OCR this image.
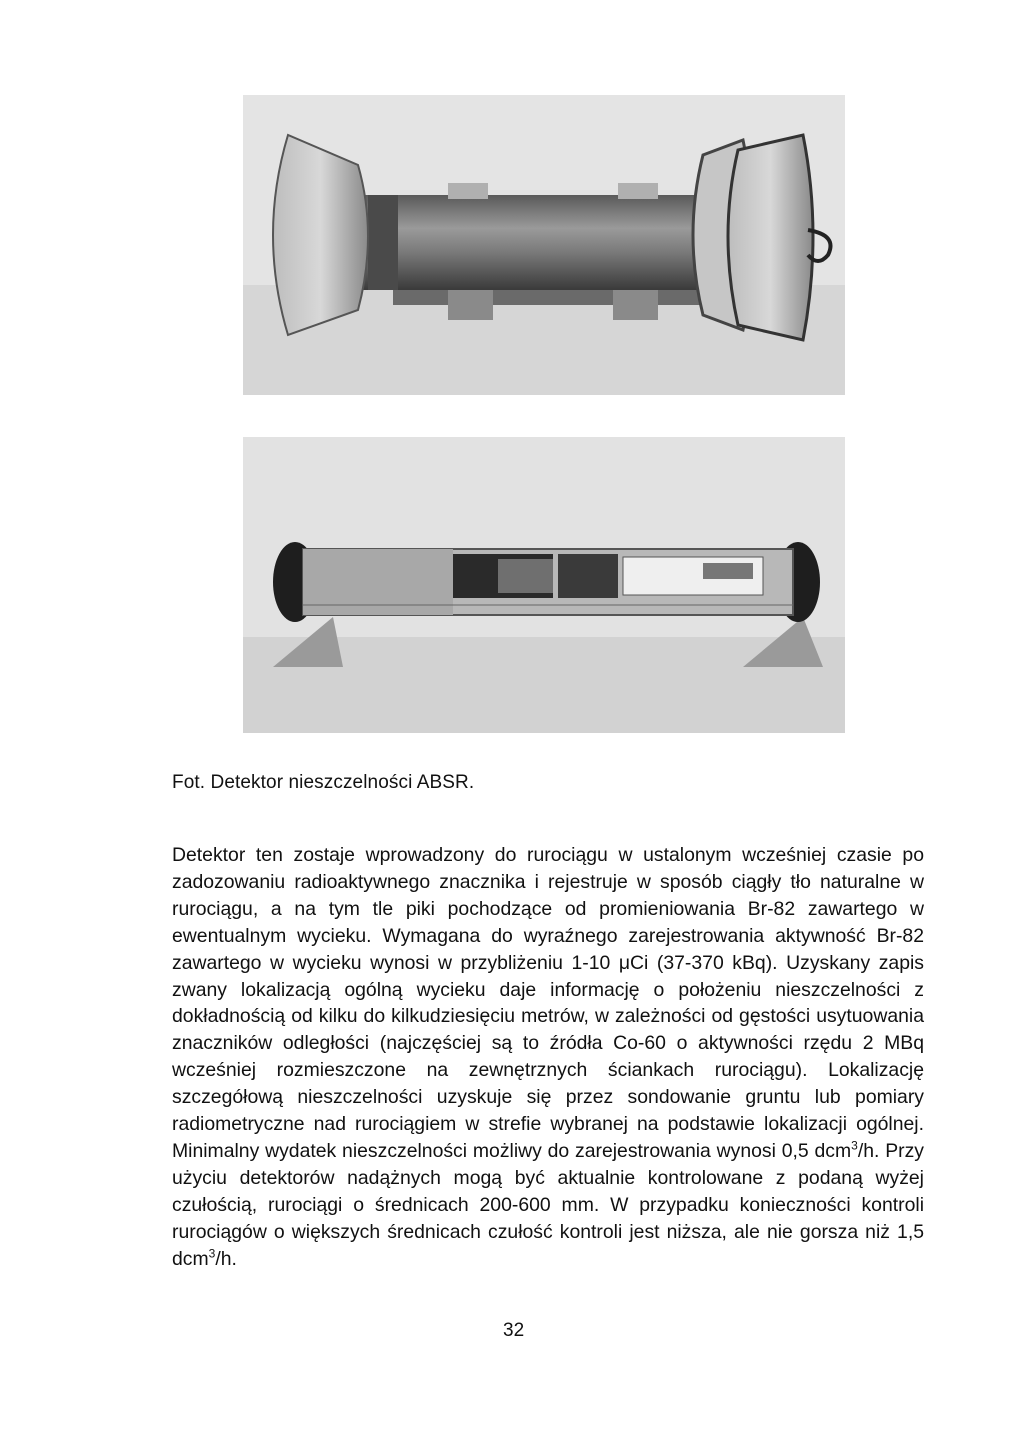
Fot. Detektor nieszczelności ABSR.
Detektor ten zostaje wprowadzony do rurociągu w ustalonym wcześniej czasie po zadozowaniu radioaktywnego znacznika i rejestruje w sposób ciągły tło naturalne w rurociągu, a na tym tle piki pochodzące od promieniowania Br-82 zawartego w ewentualnym wycieku. Wymagana do wyraźnego zarejestrowania aktywność Br-82 zawartego w wycieku wynosi w przybliżeniu 1-10 μCi (37-370 kBq). Uzyskany zapis zwany lokalizacją ogólną wycieku daje informację o położeniu nieszczelności z dokładnością od kilku do kilkudziesięciu metrów, w zależności od gęstości usytuowania znaczników odległości (najczęściej są to źródła Co-60 o aktywności rzędu 2 MBq wcześniej rozmieszczone na zewnętrznych ściankach rurociągu). Lokalizację szczegółową nieszczelności uzyskuje się przez sondowanie gruntu lub pomiary radiometryczne nad rurociągiem w strefie wybranej na podstawie lokalizacji ogólnej. Minimalny wydatek nieszczelności możliwy do zarejestrowania wynosi 0,5 dcm$^3$/h. Przy użyciu detektorów nadążnych mogą być aktualnie kontrolowane z podaną wyżej czułością, rurociągi o średnicach 200-600 mm. W przypadku konieczności kontroli rurociągów o większych średnicach czułość kontroli jest niższa, ale nie gorsza niż 1,5 dcm$^3$/h.
32
